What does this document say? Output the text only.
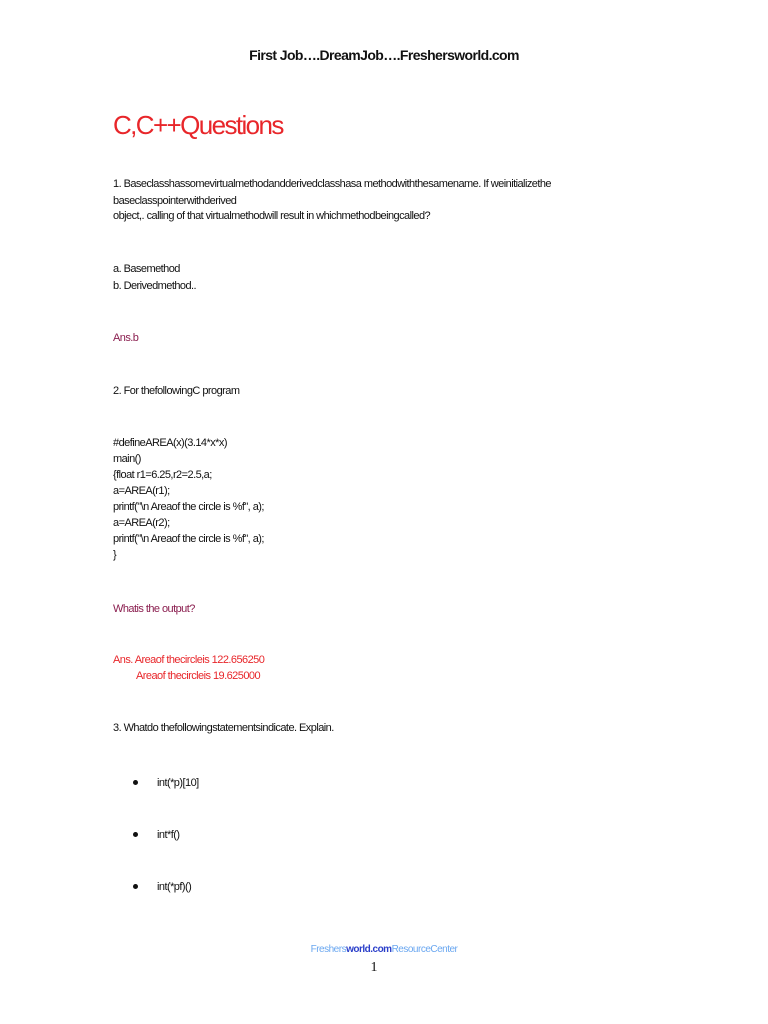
First Job….DreamJob….Freshersworld.com
C,C++Questions
1. Baseclasshassomevirtualmethodandderivedclasshasa methodwiththesamename. If weinitializethe
baseclasspointerwithderived
object,. calling of that virtualmethodwill result in whichmethodbeingcalled?
a. Basemethod
b. Derivedmethod..
Ans.b
2. For thefollowingC program
#defineAREA(x)(3.14*x*x)
main()
{float r1=6.25,r2=2.5,a;
a=AREA(r1);
printf("\n Areaof the circle is %f", a);
a=AREA(r2);
printf("\n Areaof the circle is %f", a);
}
Whatis the output?
Ans. Areaof thecircleis 122.656250
Areaof thecircleis 19.625000
3. Whatdo thefollowingstatementsindicate. Explain.
int(*p)[10]
int*f()
int(*pf)()
Freshersworld.comResourceCenter
1
